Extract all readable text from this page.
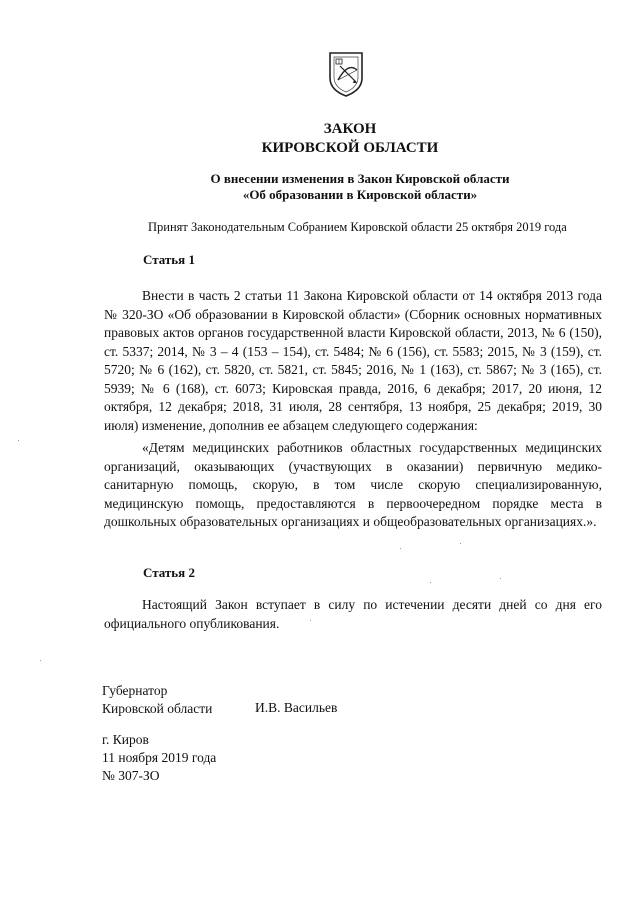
ЗАКОН
КИРОВСКОЙ ОБЛАСТИ
О внесении изменения в Закон Кировской области
«Об образовании в Кировской области»
Принят Законодательным Собранием Кировской области 25 октября 2019 года
Статья 1

Внести в часть 2 статьи 11 Закона Кировской области от 14 октября 2013 года № 320-ЗО «Об образовании в Кировской области» (Сборник основных нормативных правовых актов органов государственной власти Кировской области, 2013, № 6 (150), ст. 5337; 2014, № 3 – 4 (153 – 154), ст. 5484; № 6 (156), ст. 5583; 2015, № 3 (159), ст. 5720; № 6 (162), ст. 5820, ст. 5821, ст. 5845; 2016, № 1 (163), ст. 5867; № 3 (165), ст. 5939; № 6 (168), ст. 6073; Кировская правда, 2016, 6 декабря; 2017, 20 июня, 12 октября, 12 декабря; 2018, 31 июля, 28 сентября, 13 ноября, 25 декабря; 2019, 30 июля) изменение, дополнив ее абзацем следующего содержания:

«Детям медицинских работников областных государственных медицинских организаций, оказывающих (участвующих в оказании) первичную медико-санитарную помощь, скорую, в том числе скорую специализированную, медицинскую помощь, предоставляются в первоочередном порядке места в дошкольных образовательных организациях и общеобразовательных организациях.».

Статья 2

Настоящий Закон вступает в силу по истечении десяти дней со дня его официального опубликования.

Губернатор
Кировской области	И.В. Васильев
г. Киров
11 ноября 2019 года
№ 307-ЗО
